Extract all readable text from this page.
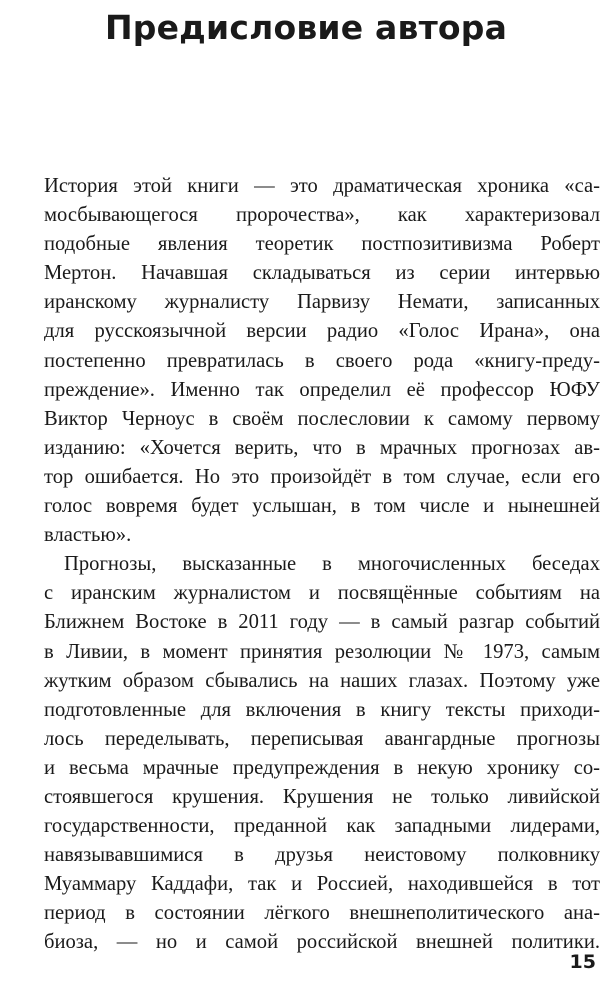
Предисловие автора
История этой книги — это драматическая хроника «са-
мосбывающегося пророчества», как характеризовал
подобные явления теоретик постпозитивизма Роберт
Мертон. Начавшая складываться из серии интервью
иранскому журналисту Парвизу Немати, записанных
для русскоязычной версии радио «Голос Ирана», она
постепенно превратилась в своего рода «книгу-преду-
преждение». Именно так определил её профессор ЮФУ
Виктор Черноус в своём послесловии к самому первому
изданию: «Хочется верить, что в мрачных прогнозах ав-
тор ошибается. Но это произойдёт в том случае, если его
голос вовремя будет услышан, в том числе и нынешней
властью».
Прогнозы, высказанные в многочисленных беседах
с иранским журналистом и посвящённые событиям на
Ближнем Востоке в 2011 году — в самый разгар событий
в Ливии, в момент принятия резолюции № 1973, самым
жутким образом сбывались на наших глазах. Поэтому уже
подготовленные для включения в книгу тексты приходи-
лось переделывать, переписывая авангардные прогнозы
и весьма мрачные предупреждения в некую хронику со-
стоявшегося крушения. Крушения не только ливийской
государственности, преданной как западными лидерами,
навязывавшимися в друзья неистовому полковнику
Муаммару Каддафи, так и Россией, находившейся в тот
период в состоянии лёгкого внешнеполитического ана-
биоза, — но и самой российской внешней политики.
15
